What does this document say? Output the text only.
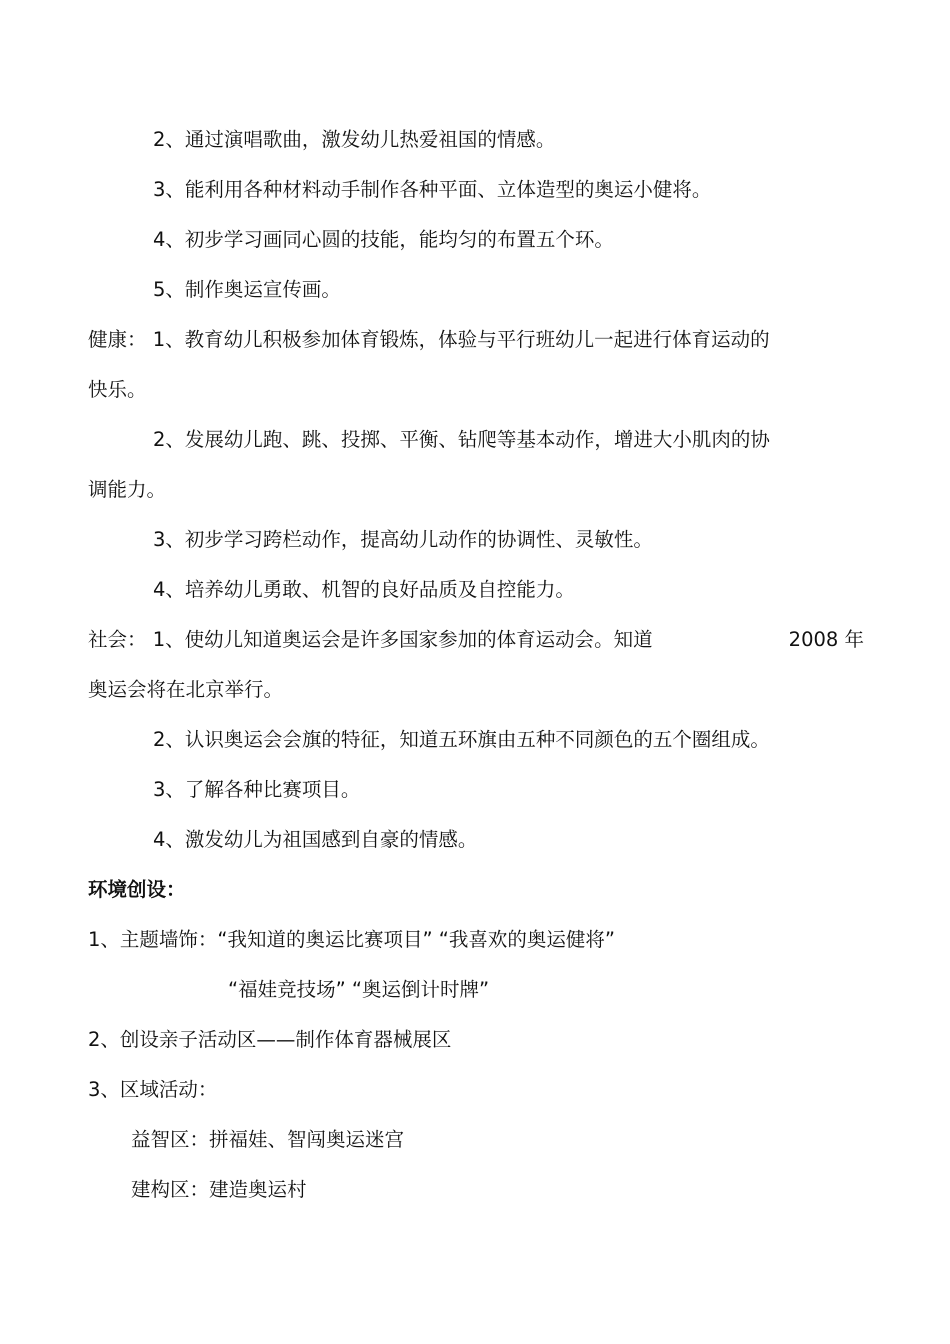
2、通过演唱歌曲，激发幼儿热爱祖国的情感。
3、能利用各种材料动手制作各种平面、立体造型的奥运小健将。
4、初步学习画同心圆的技能，能均匀的布置五个环。
5、制作奥运宣传画。
健康： 1、教育幼儿积极参加体育锻炼，体验与平行班幼儿一起进行体育运动的
快乐。
2、发展幼儿跑、跳、投掷、平衡、钻爬等基本动作，增进大小肌肉的协
调能力。
3、初步学习跨栏动作，提高幼儿动作的协调性、灵敏性。
4、培养幼儿勇敢、机智的良好品质及自控能力。
社会： 1、使幼儿知道奥运会是许多国家参加的体育运动会。知道	2008 年
奥运会将在北京举行。
2、认识奥运会会旗的特征，知道五环旗由五种不同颜色的五个圈组成。
3、了解各种比赛项目。
4、激发幼儿为祖国感到自豪的情感。
环境创设：
1、主题墙饰：“我知道的奥运比赛项目” “我喜欢的奥运健将”
“福娃竞技场” “奥运倒计时牌”
2、创设亲子活动区——制作体育器械展区
3、区域活动：
益智区：拼福娃、智闯奥运迷宫
建构区：建造奥运村
